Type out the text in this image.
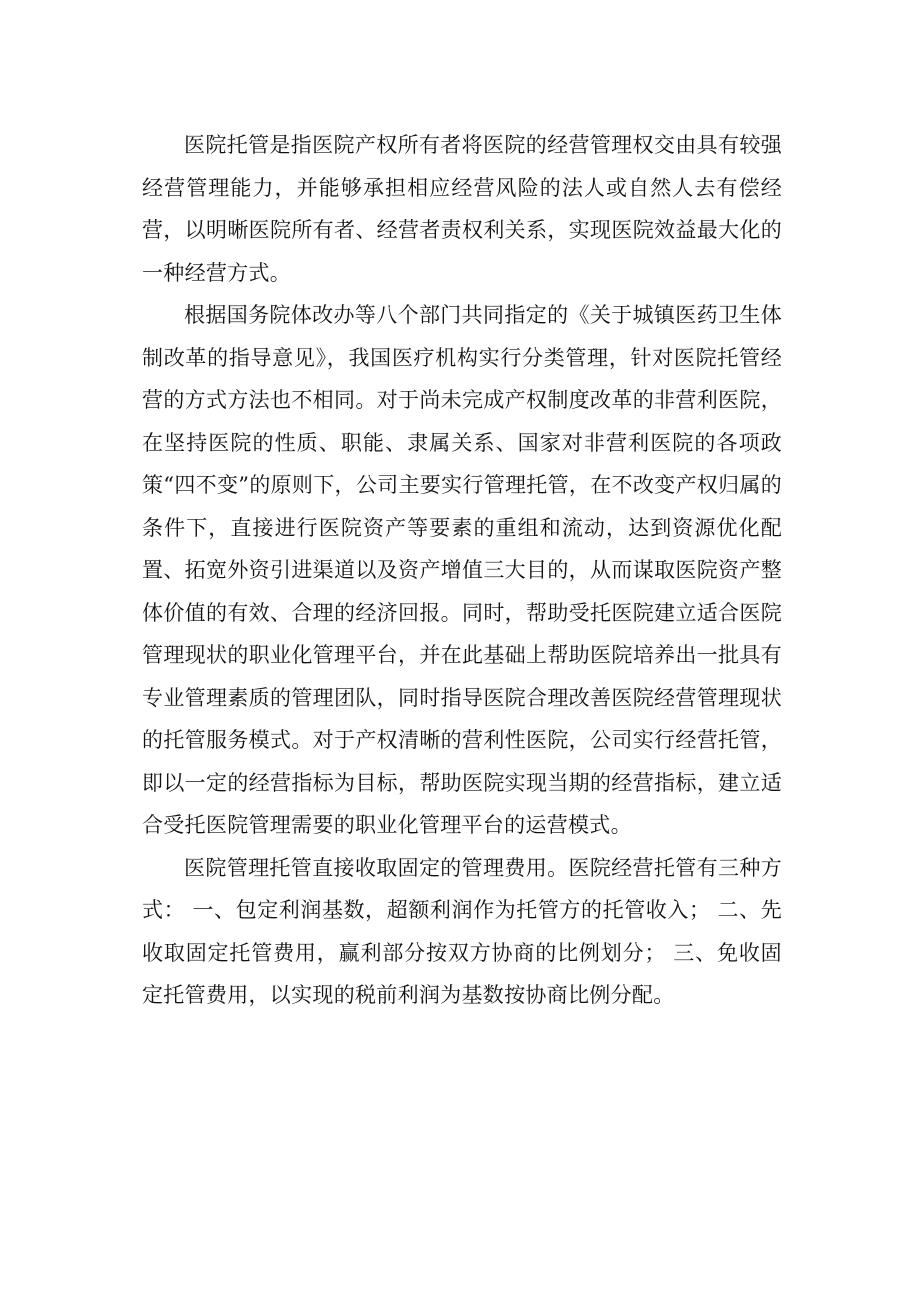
医院托管是指医院产权所有者将医院的经营管理权交由具有较强经营管理能力，并能够承担相应经营风险的法人或自然人去有偿经营，以明晰医院所有者、经营者责权利关系，实现医院效益最大化的一种经营方式。

根据国务院体改办等八个部门共同指定的《关于城镇医药卫生体制改革的指导意见》，我国医疗机构实行分类管理，针对医院托管经营的方式方法也不相同。对于尚未完成产权制度改革的非营利医院，在坚持医院的性质、职能、隶属关系、国家对非营利医院的各项政策“四不变”的原则下，公司主要实行管理托管，在不改变产权归属的条件下，直接进行医院资产等要素的重组和流动，达到资源优化配置、拓宽外资引进渠道以及资产增值三大目的，从而谋取医院资产整体价值的有效、合理的经济回报。同时，帮助受托医院建立适合医院管理现状的职业化管理平台，并在此基础上帮助医院培养出一批具有专业管理素质的管理团队，同时指导医院合理改善医院经营管理现状的托管服务模式。对于产权清晰的营利性医院，公司实行经营托管，即以一定的经营指标为目标，帮助医院实现当期的经营指标，建立适合受托医院管理需要的职业化管理平台的运营模式。

医院管理托管直接收取固定的管理费用。医院经营托管有三种方式： 一、包定利润基数，超额利润作为托管方的托管收入； 二、先收取固定托管费用，赢利部分按双方协商的比例划分； 三、免收固定托管费用，以实现的税前利润为基数按协商比例分配。
